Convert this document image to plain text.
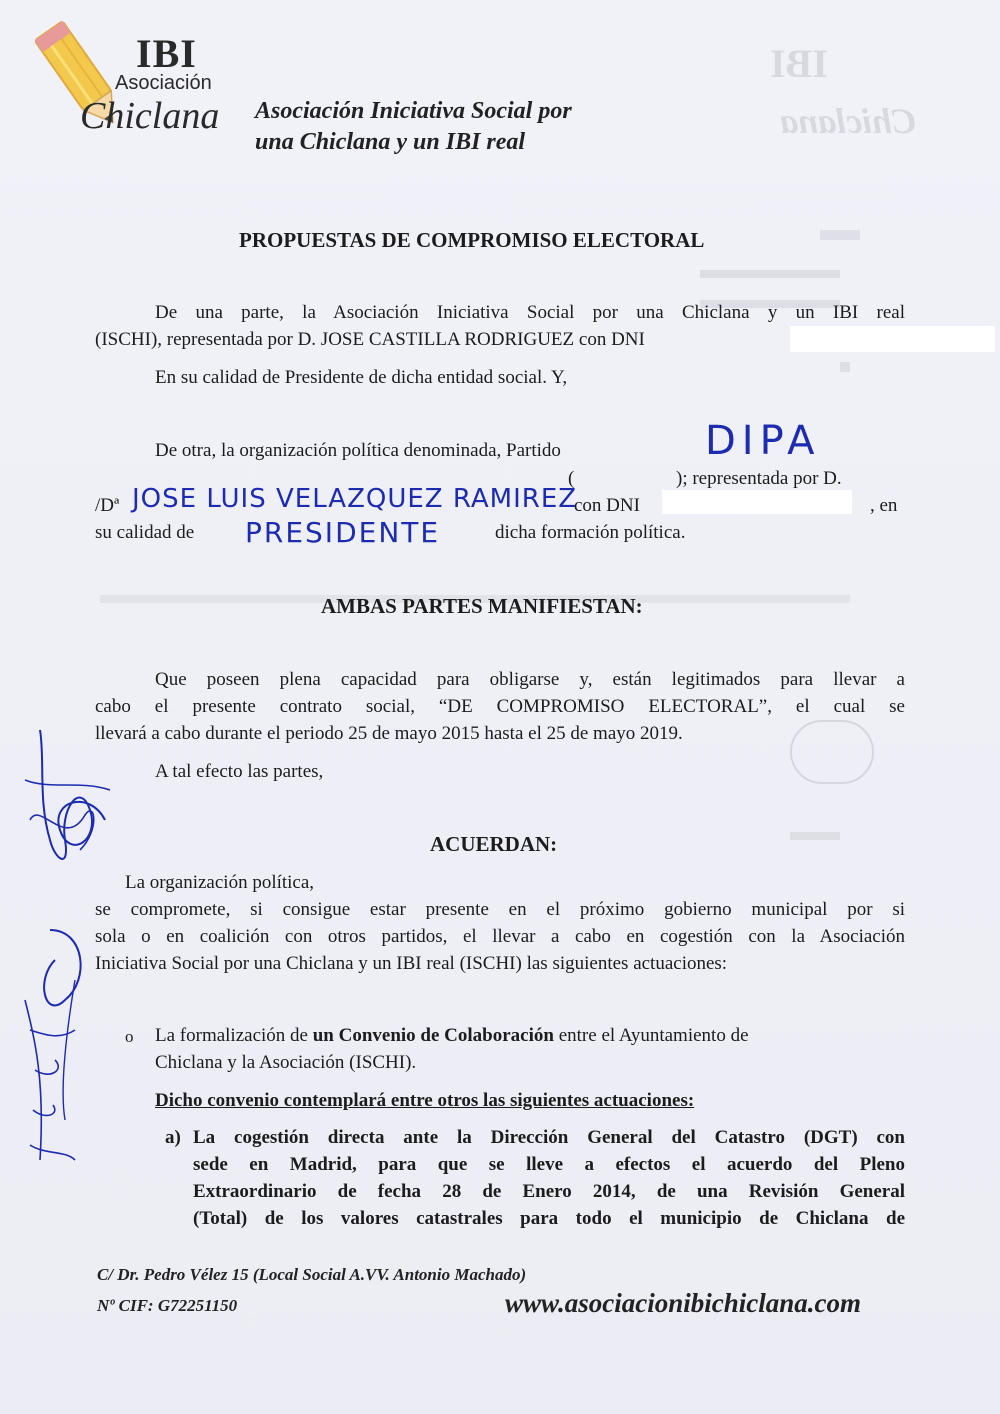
IBI
Chiclana
IBI
Asociación
Chiclana Asociación Iniciativa Social por
una Chiclana y un IBI real
PROPUESTAS DE COMPROMISO ELECTORAL
De una parte, la Asociación Iniciativa Social por una Chiclana y un IBI real
(ISCHI), representada por D. JOSE CASTILLA RODRIGUEZ con DNI
En su calidad de Presidente de dicha entidad social. Y,
De otra, la organización política denominada, Partido	DIPA
(	); representada por D.
/Dª JOSE LUIS VELAZQUEZ RAMIREZ
con DNI	, en
su calidad de PRESIDENTE	dicha formación política.
AMBAS PARTES MANIFIESTAN:
Que poseen plena capacidad para obligarse y, están legitimados para llevar a
cabo el presente contrato social, “DE COMPROMISO ELECTORAL”, el cual se
llevará a cabo durante el periodo 25 de mayo 2015 hasta el 25 de mayo 2019.
A tal efecto las partes,
ACUERDAN:
La organización política,
se compromete, si consigue estar presente en el próximo gobierno municipal por si
sola o en coalición con otros partidos, el llevar a cabo en cogestión con la Asociación
Iniciativa Social por una Chiclana y un IBI real (ISCHI) las siguientes actuaciones:
o La formalización de un Convenio de Colaboración entre el Ayuntamiento de
Chiclana y la Asociación (ISCHI).
Dicho convenio contemplará entre otros las siguientes actuaciones:
a) La cogestión directa ante la Dirección General del Catastro (DGT) con
sede en Madrid, para que se lleve a efectos el acuerdo del Pleno
Extraordinario de fecha 28 de Enero 2014, de una Revisión General
(Total) de los valores catastrales para todo el municipio de Chiclana de
C/ Dr. Pedro Vélez 15 (Local Social A.VV. Antonio Machado)
Nº CIF: G72251150	www.asociacionibichiclana.com
